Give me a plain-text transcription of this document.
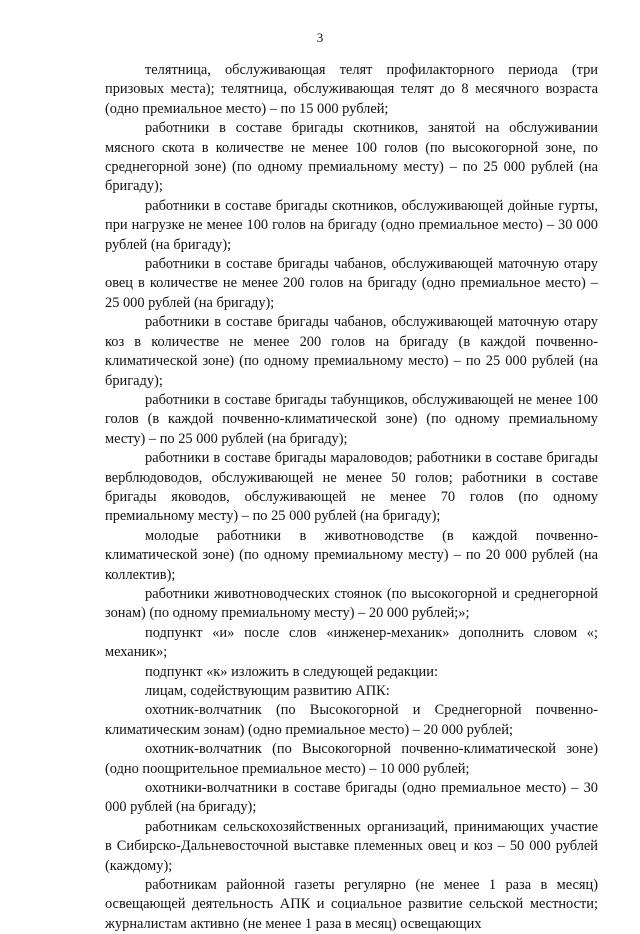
3

телятница, обслуживающая телят профилакторного периода (три призовых места); телятница, обслуживающая телят до 8 месячного возраста (одно премиальное место) – по 15 000 рублей;

работники в составе бригады скотников, занятой на обслуживании мясного скота в количестве не менее 100 голов (по высокогорной зоне, по среднегорной зоне) (по одному премиальному месту) – по 25 000 рублей (на бригаду);

работники в составе бригады скотников, обслуживающей дойные гурты, при нагрузке не менее 100 голов на бригаду (одно премиальное место) – 30 000 рублей (на бригаду);

работники в составе бригады чабанов, обслуживающей маточную отару овец в количестве не менее 200 голов на бригаду (одно премиальное место) – 25 000 рублей (на бригаду);

работники в составе бригады чабанов, обслуживающей маточную отару коз в количестве не менее 200 голов на бригаду (в каждой почвенно-климатической зоне) (по одному премиальному место) – по 25 000 рублей (на бригаду);

работники в составе бригады табунщиков, обслуживающей не менее 100 голов (в каждой почвенно-климатической зоне) (по одному премиальному месту) – по 25 000 рублей (на бригаду);

работники в составе бригады мараловодов; работники в составе бригады верблюдоводов, обслуживающей не менее 50 голов; работники в составе бригады яководов, обслуживающей не менее 70 голов (по одному премиальному месту) – по 25 000 рублей (на бригаду);

молодые работники в животноводстве (в каждой почвенно-климатической зоне) (по одному премиальному месту) – по 20 000 рублей (на коллектив);

работники животноводческих стоянок (по высокогорной и среднегорной зонам) (по одному премиальному месту) – 20 000 рублей;»;

подпункт «и» после слов «инженер-механик» дополнить словом «; механик»;

подпункт «к» изложить в следующей редакции:

лицам, содействующим развитию АПК:

охотник-волчатник (по Высокогорной и Среднегорной почвенно-климатическим зонам) (одно премиальное место) – 20 000 рублей;

охотник-волчатник (по Высокогорной почвенно-климатической зоне) (одно поощрительное премиальное место) – 10 000 рублей;

охотники-волчатники в составе бригады (одно премиальное место) – 30 000 рублей (на бригаду);

работникам сельскохозяйственных организаций, принимающих участие в Сибирско-Дальневосточной выставке племенных овец и коз – 50 000 рублей (каждому);

работникам районной газеты регулярно (не менее 1 раза в месяц) освещающей деятельность АПК и социальное развитие сельской местности; журналистам активно (не менее 1 раза в месяц) освещающих
